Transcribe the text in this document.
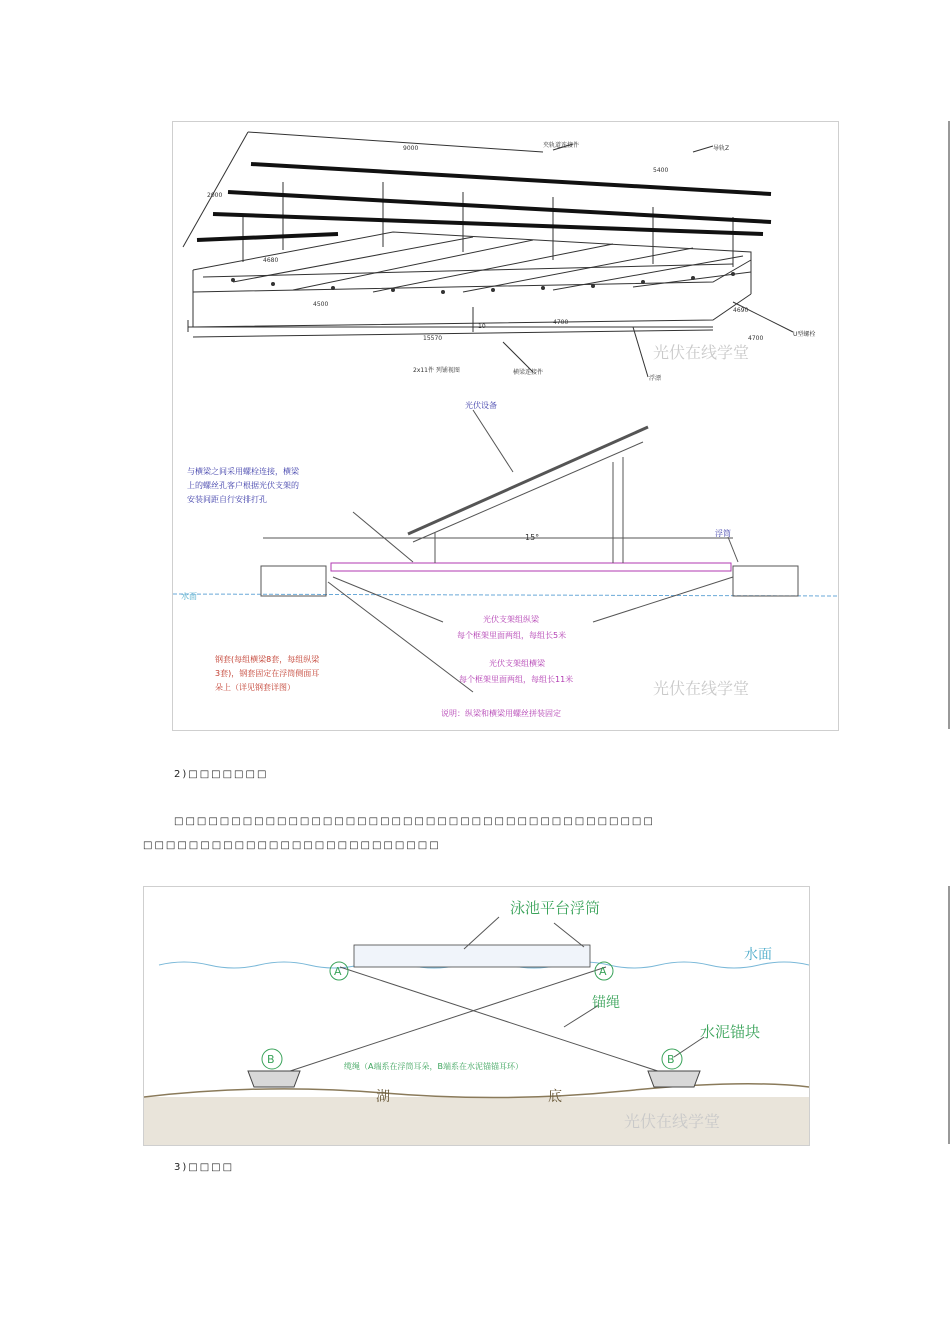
9000
5400
4680
4500
4700
4690
4700
2000
10
15570
夹轨道连接件	导轨Z
横梁连接件
浮漂
U型螺栓
2x11件 列铺视图
光伏在线学堂
光伏设备
与横梁之间采用螺栓连接，横梁
上的螺丝孔客户根据光伏支架的
安装间距自行安排打孔
浮筒
水面
15°
光伏支架组纵梁
每个框架里面两组，每组长5米
光伏支架组横梁
每个框架里面两组，每组长11米
钢套(每组横梁8套，每组纵梁
3套)，钢套固定在浮筒侧面耳
朵上（详见钢套详图）
说明：纵梁和横梁用螺丝拼装固定
光伏在线学堂
2)□□□□□□□
□□□□□□□□□□□□□□□□□□□□□□□□□□□□□□□□□□□□□□□□□□
□□□□□□□□□□□□□□□□□□□□□□□□□□
泳池平台浮筒
水面
锚绳
水泥锚块
A	A
B	B
缆绳（A端系在浮筒耳朵，B端系在水泥锚锚耳环）
湖	底
光伏在线学堂
3)□□□□
